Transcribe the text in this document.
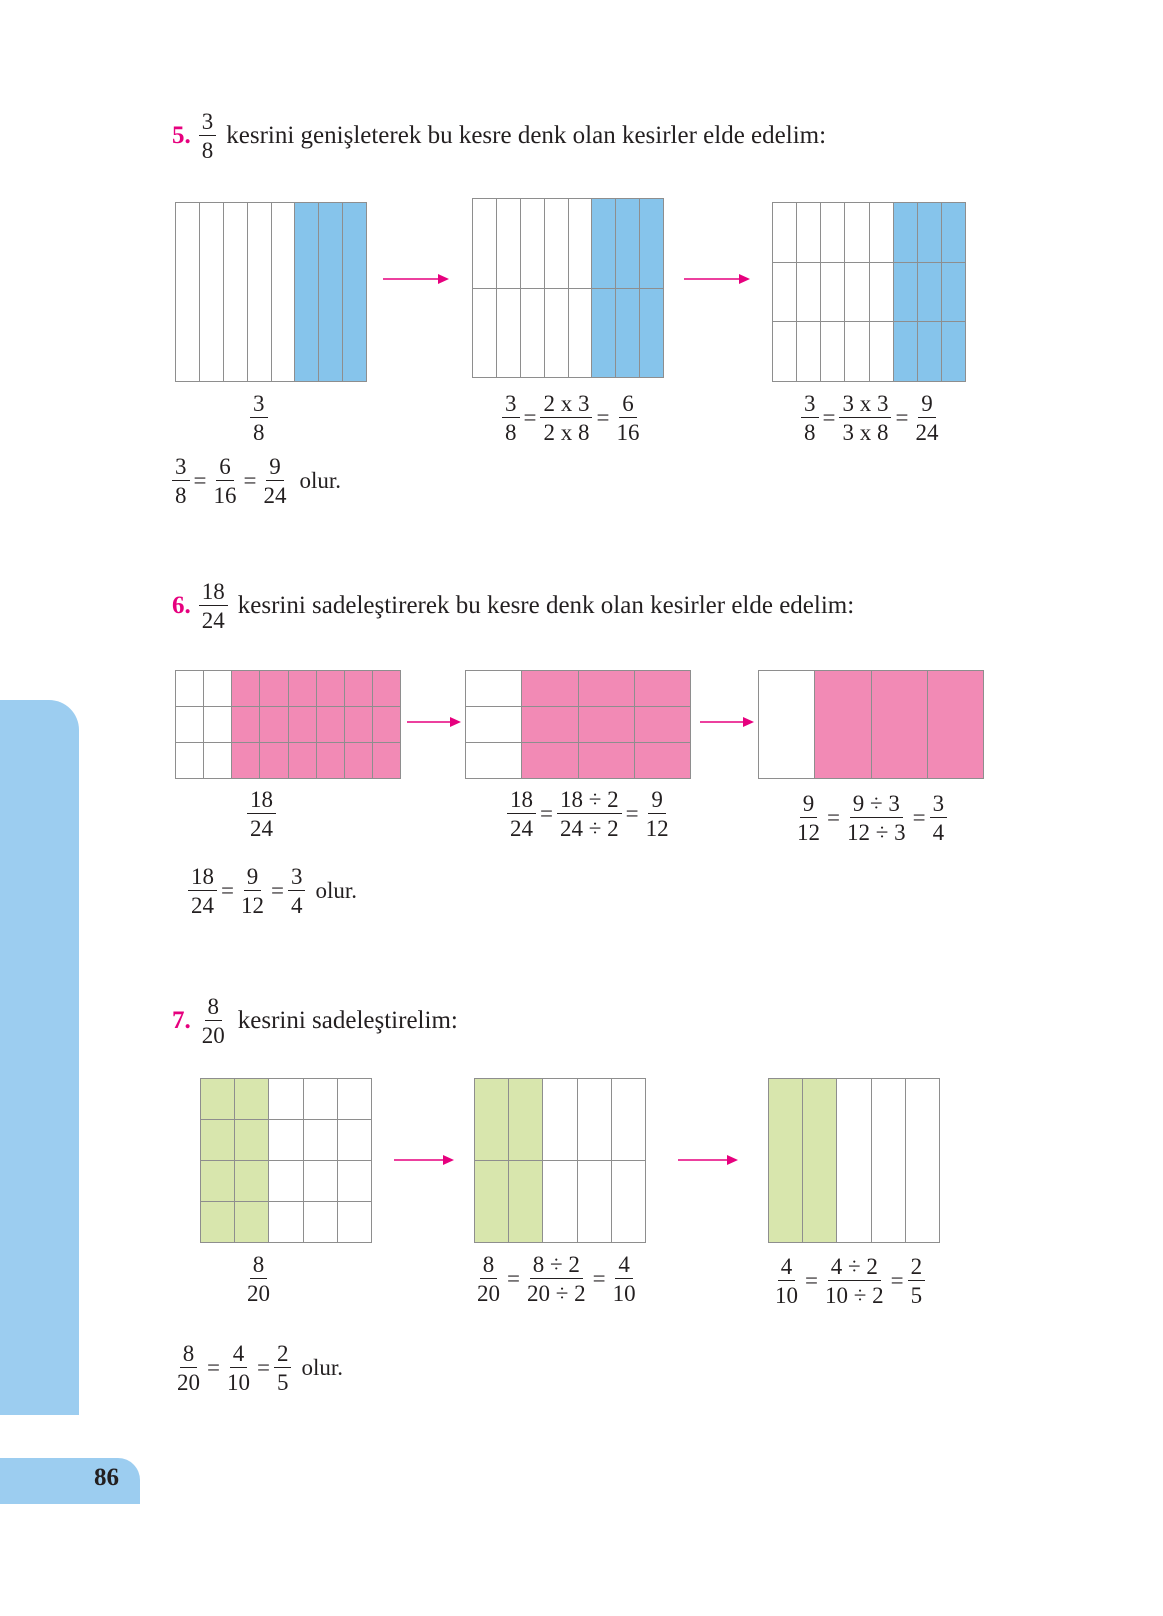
86
5. $\frac{3}{8}$ kesrini genişleterek bu kesre denk olan kesirler elde edelim:
$\frac{3}{8}$	$\frac{3}{8} = \frac{2 x 3}{2 x 8} = \frac{6}{16}$	$\frac{3}{8} = \frac{3 x 3}{3 x 8} = \frac{9}{24}$
$\frac{3}{8} = \frac{6}{16} = \frac{9}{24}$ olur.
6. $\frac{18}{24}$ kesrini sadeleştirerek bu kesre denk olan kesirler elde edelim:
$\frac{18}{24}$	$\frac{18}{24} = \frac{18 \div 2}{24 \div 2} = \frac{9}{12}$	$\frac{9}{12} = \frac{9 \div 3}{12 \div 3} = \frac{3}{4}$
$\frac{18}{24} = \frac{9}{12} = \frac{3}{4}$ olur.
7. $\frac{8}{20}$ kesrini sadeleştirelim:
$\frac{8}{20}$	$\frac{8}{20} = \frac{8 \div 2}{20 \div 2} = \frac{4}{10}$	$\frac{4}{10} = \frac{4 \div 2}{10 \div 2} = \frac{2}{5}$
$\frac{8}{20} = \frac{4}{10} = \frac{2}{5}$ olur.
